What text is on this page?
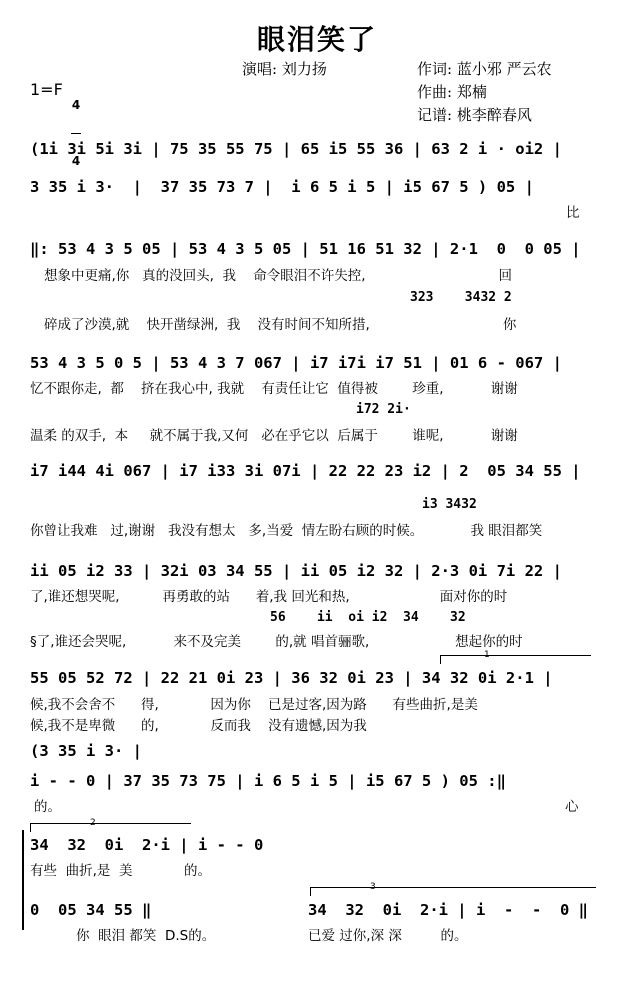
眼泪笑了
演唱: 刘力扬	作词: 蓝小邪 严云农
作曲: 郑楠
记谱: 桃李醉春风
1=F

4

4

(1i 3i 5i 3i | 75 35 55 75 | 65 i5 55 36 | 63 2 i · oi2 |
3 35 i 3·  |  37 35 73 7 |  i 6 5 i 5 | i5 67 5 ) 05 |
比
‖: 53 4 3 5 05 | 53 4 3 5 05 | 51 16 51 32 | 2·1  0  0 05 |
想象中更痛,你   真的没回头,  我    命令眼泪不许失控,                               回
323    3432 2
碎成了沙漠,就    快开凿绿洲,  我    没有时间不知所措,                               你
53 4 3 5 0 5 | 53 4 3 7 067 | i7 i7i i7 51 | 01 6 - 067 |
忆不跟你走,  都    挤在我心中, 我就    有责任让它  值得被        珍重,           谢谢
i72 2i·
温柔 的双手,  本     就不属于我,又何   必在乎它以  后属于        谁呢,           谢谢
i7 i44 4i 067 | i7 i33 3i 07i | 22 22 23 i2 | 2  05 34 55 |
i3 3432
你曾让我难   过,谢谢   我没有想太   多,当爱  情左盼右顾的时候。           我 眼泪都笑
ii 05 i2 33 | 32i 03 34 55 | ii 05 i2 32 | 2·3 0i 7i 22 |
了,谁还想哭呢,          再勇敢的站      着,我 回光和热,                     面对你的时
56    ii  oi i2  34    32
§了,谁还会哭呢,           来不及完美        的,就 唱首骊歌,                    想起你的时
1
55 05 52 72 | 22 21 0i 23 | 36 32 0i 23 | 34 32 0i 2·1 |
候,我不会舍不      得,            因为你    已是过客,因为路      有些曲折,是美
候,我不是卑微      的,            反而我    没有遗憾,因为我
(3 35 i 3· |
i - - 0 | 37 35 73 75 | i 6 5 i 5 | i5 67 5 ) 05 :‖
的。	心
2
34  32  0i  2·i | i - - 0
有些  曲折,是  美            的。
0  05 34 55 ‖
你  眼泪 都笑  D.S的。
3
34  32  0i  2·i | i  -  -  0 ‖
已爱 过你,深 深         的。
